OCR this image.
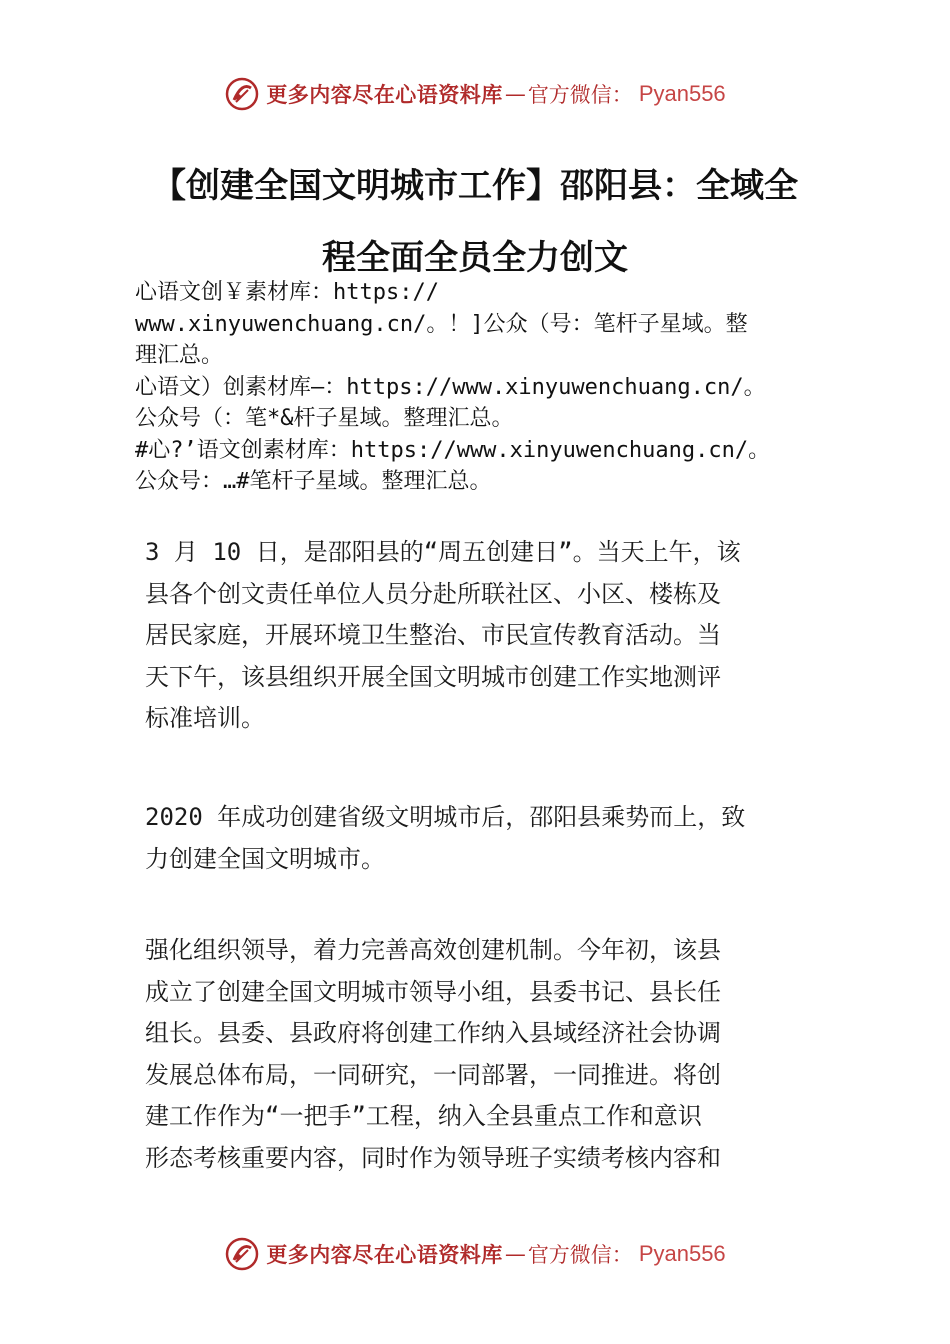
更多内容尽在心语资料库 — 官方微信： Pyan556
【创建全国文明城市工作】邵阳县：全域全
程全面全员全力创文
心语文创￥素材库：https://
www.xinyuwenchuang.cn/。！]公众（号：笔杆子星域。整
理汇总。
心语文）创素材库—：https://www.xinyuwenchuang.cn/。
公众号（：笔*&杆子星域。整理汇总。
#心?’语文创素材库：https://www.xinyuwenchuang.cn/。
公众号：…#笔杆子星域。整理汇总。
3 月 10 日，是邵阳县的“周五创建日”。当天上午，该
县各个创文责任单位人员分赴所联社区、小区、楼栋及
居民家庭，开展环境卫生整治、市民宣传教育活动。当
天下午，该县组织开展全国文明城市创建工作实地测评
标准培训。
2020 年成功创建省级文明城市后，邵阳县乘势而上，致
力创建全国文明城市。
强化组织领导，着力完善高效创建机制。今年初，该县
成立了创建全国文明城市领导小组，县委书记、县长任
组长。县委、县政府将创建工作纳入县域经济社会协调
发展总体布局，一同研究，一同部署，一同推进。将创
建工作作为“一把手”工程，纳入全县重点工作和意识
形态考核重要内容，同时作为领导班子实绩考核内容和
更多内容尽在心语资料库 — 官方微信： Pyan556
